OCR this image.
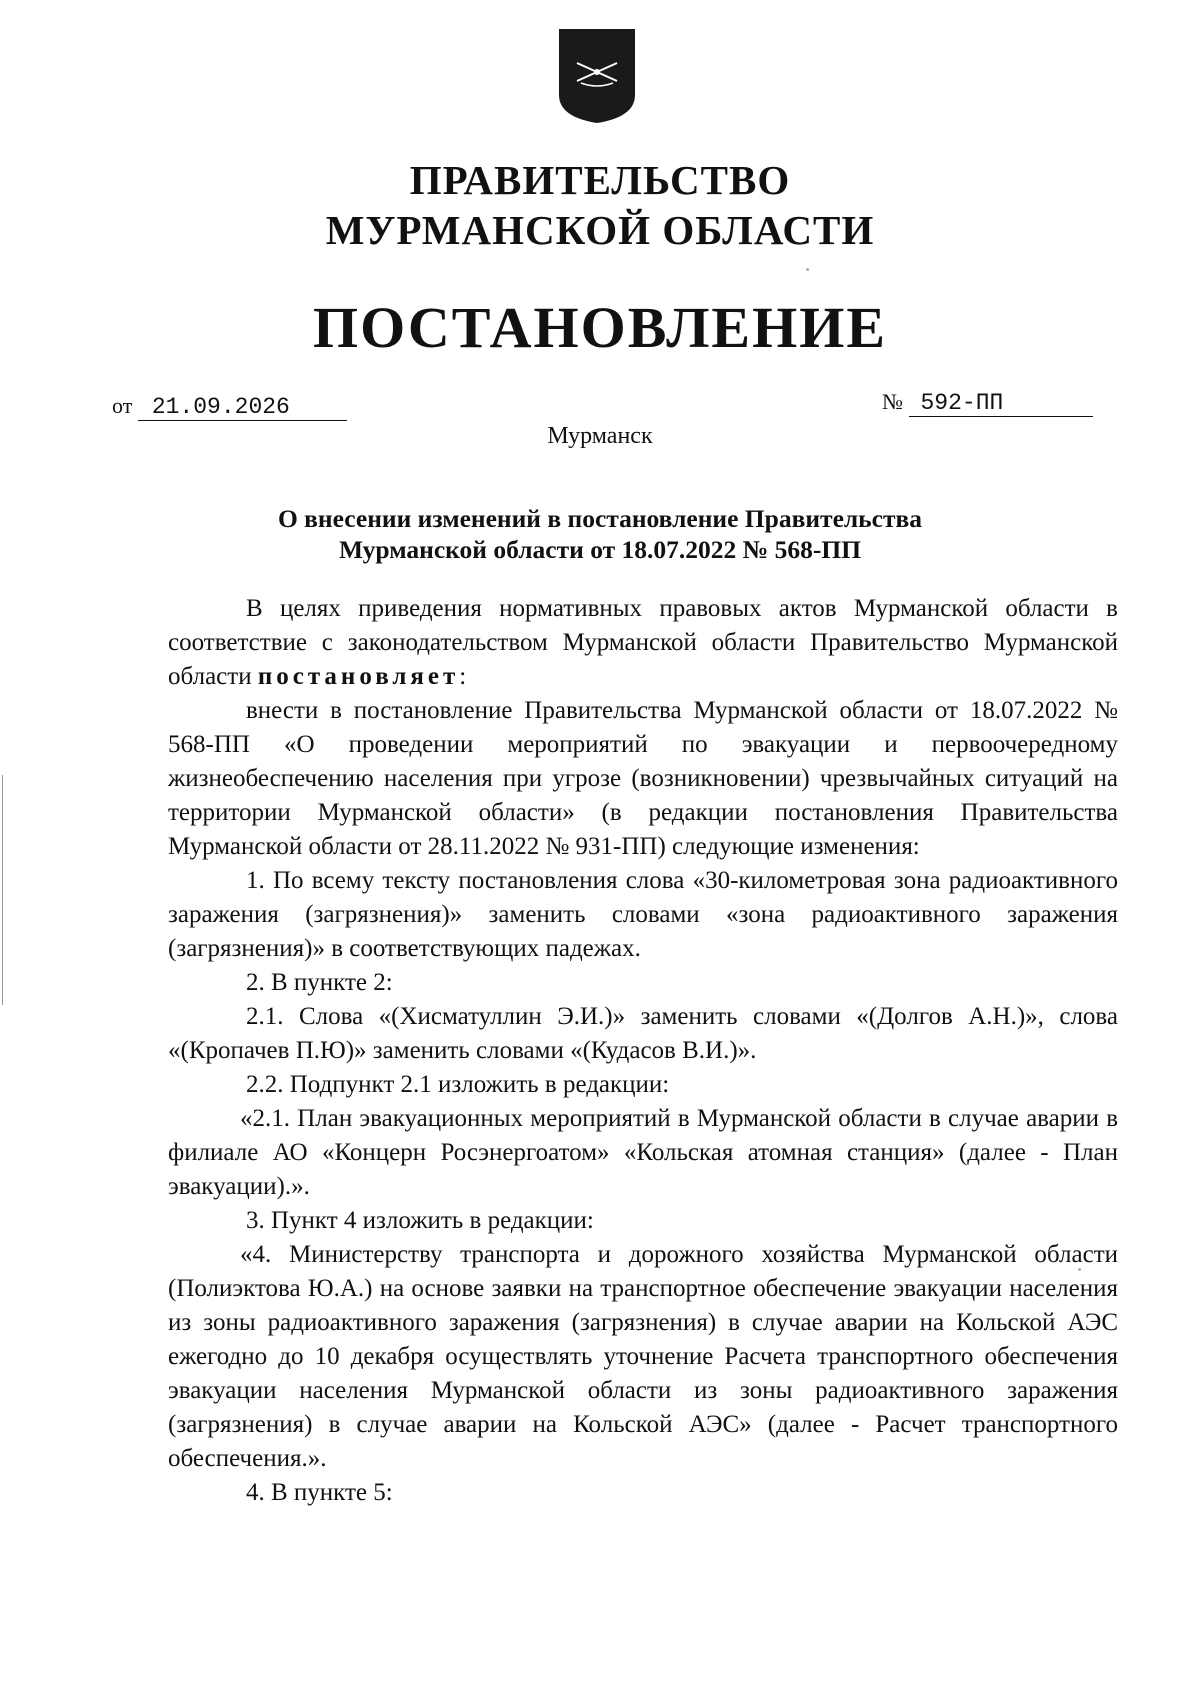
ПРАВИТЕЛЬСТВО
МУРМАНСКОЙ ОБЛАСТИ
ПОСТАНОВЛЕНИЕ
от 21.09.2026	№ 592-ПП
Мурманск
О внесении изменений в постановление Правительства
Мурманской области от 18.07.2022 № 568-ПП

В целях приведения нормативных правовых актов Мурманской области в соответствие с законодательством Мурманской области Правительство Мурманской области постановляет:

внести в постановление Правительства Мурманской области от 18.07.2022 № 568-ПП «О проведении мероприятий по эвакуации и первоочередному жизнеобеспечению населения при угрозе (возникновении) чрезвычайных ситуаций на территории Мурманской области» (в редакции постановления Правительства Мурманской области от 28.11.2022 № 931-ПП) следующие изменения:

1. По всему тексту постановления слова «30-километровая зона радиоактивного заражения (загрязнения)» заменить словами «зона радиоактивного заражения (загрязнения)» в соответствующих падежах.

2. В пункте 2:

2.1. Слова «(Хисматуллин Э.И.)» заменить словами «(Долгов А.Н.)», слова «(Кропачев П.Ю)» заменить словами «(Кудасов В.И.)».

2.2. Подпункт 2.1 изложить в редакции:

«2.1. План эвакуационных мероприятий в Мурманской области в случае аварии в филиале АО «Концерн Росэнергоатом» «Кольская атомная станция» (далее - План эвакуации).».

3. Пункт 4 изложить в редакции:

«4. Министерству транспорта и дорожного хозяйства Мурманской области (Полиэктова Ю.А.) на основе заявки на транспортное обеспечение эвакуации населения из зоны радиоактивного заражения (загрязнения) в случае аварии на Кольской АЭС ежегодно до 10 декабря осуществлять уточнение Расчета транспортного обеспечения эвакуации населения Мурманской области из зоны радиоактивного заражения (загрязнения) в случае аварии на Кольской АЭС» (далее - Расчет транспортного обеспечения.».

4. В пункте 5:
